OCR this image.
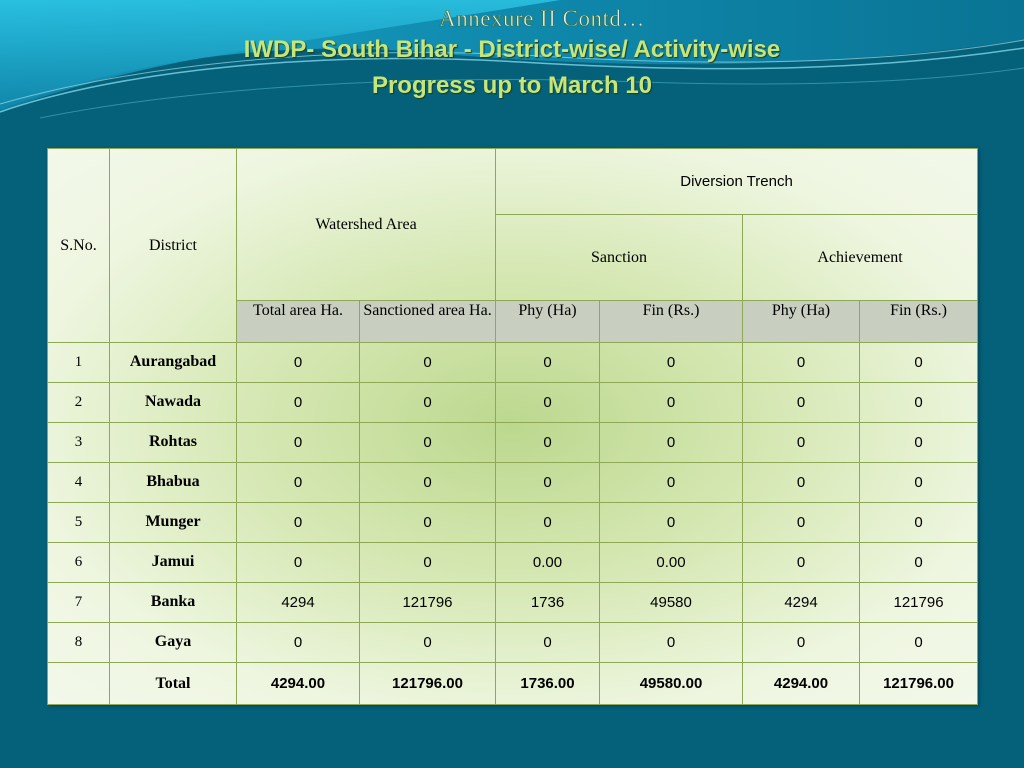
Annexure II Contd…
IWDP- South Bihar - District-wise/ Activity-wise
Progress up to March 10
S.No.	District	Watershed Area		Diversion Trench			
				Sanction		Achievement	
		Total area Ha.	Sanctioned area Ha.	Phy (Ha)	Fin (Rs.)	Phy (Ha)	Fin (Rs.)
1	Aurangabad	0	0	0	0	0	0
2	Nawada	0	0	0	0	0	0
3	Rohtas	0	0	0	0	0	0
4	Bhabua	0	0	0	0	0	0
5	Munger	0	0	0	0	0	0
6	Jamui	0	0	0.00	0.00	0	0
7	Banka	4294	121796	1736	49580	4294	121796
8	Gaya	0	0	0	0	0	0
	Total	4294.00	121796.00	1736.00	49580.00	4294.00	121796.00
